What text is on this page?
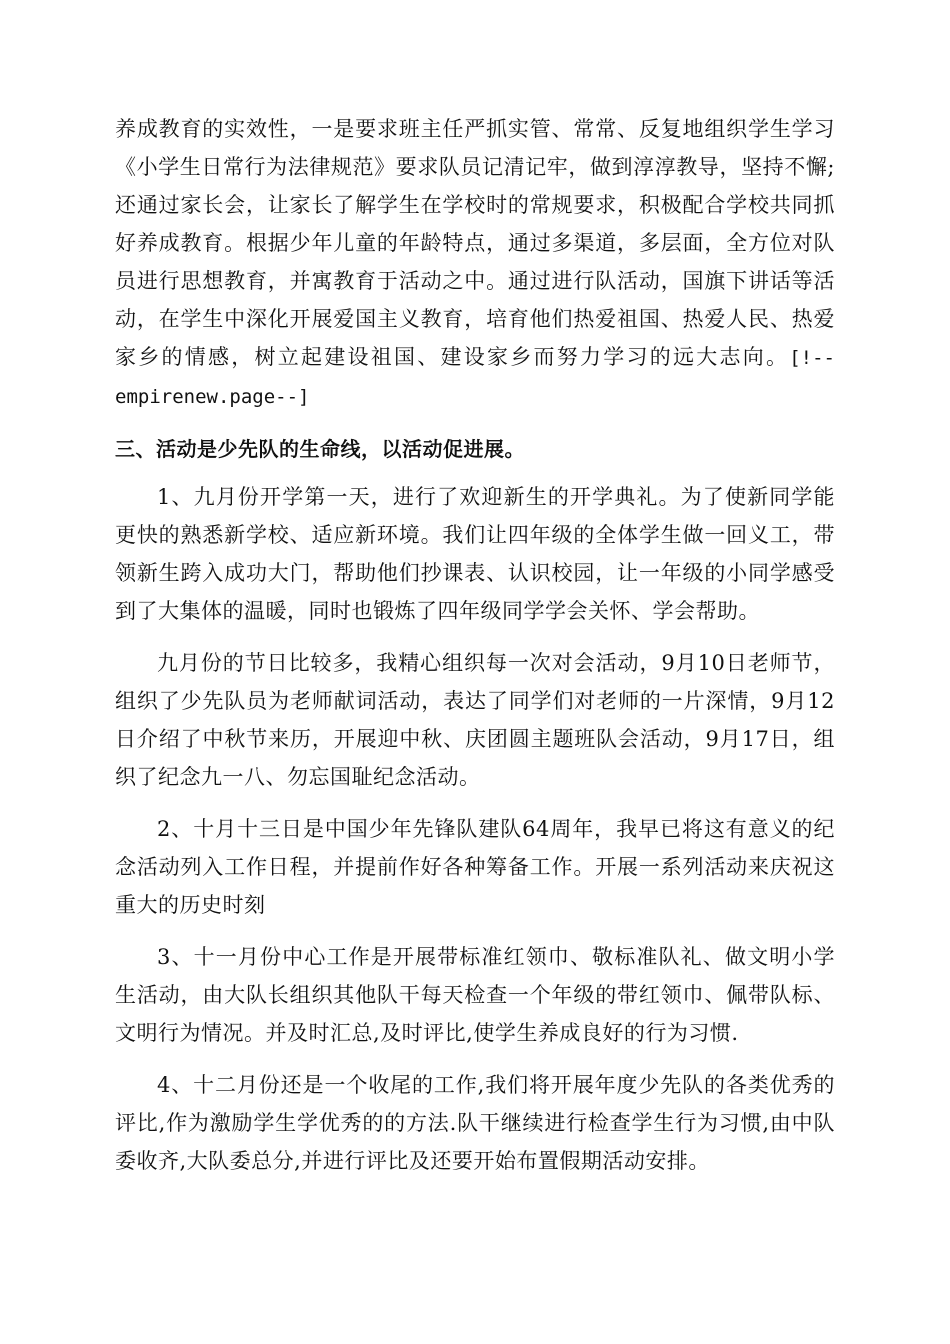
养成教育的实效性，一是要求班主任严抓实管、常常、反复地组织学生学习《小学生日常行为法律规范》要求队员记清记牢，做到淳淳教导，坚持不懈;还通过家长会，让家长了解学生在学校时的常规要求，积极配合学校共同抓好养成教育。根据少年儿童的年龄特点，通过多渠道，多层面，全方位对队员进行思想教育，并寓教育于活动之中。通过进行队活动，国旗下讲话等活动，在学生中深化开展爱国主义教育，培育他们热爱祖国、热爱人民、热爱家乡的情感，树立起建设祖国、建设家乡而努力学习的远大志向。[!--empirenew.page--]

三、活动是少先队的生命线，以活动促进展。

1、九月份开学第一天，进行了欢迎新生的开学典礼。为了使新同学能更快的熟悉新学校、适应新环境。我们让四年级的全体学生做一回义工，带领新生跨入成功大门，帮助他们抄课表、认识校园，让一年级的小同学感受到了大集体的温暖，同时也锻炼了四年级同学学会关怀、学会帮助。

九月份的节日比较多，我精心组织每一次对会活动，9月10日老师节，组织了少先队员为老师献词活动，表达了同学们对老师的一片深情，9月12日介绍了中秋节来历，开展迎中秋、庆团圆主题班队会活动，9月17日，组织了纪念九一八、勿忘国耻纪念活动。

2、十月十三日是中国少年先锋队建队64周年，我早已将这有意义的纪念活动列入工作日程，并提前作好各种筹备工作。开展一系列活动来庆祝这重大的历史时刻

3、十一月份中心工作是开展带标准红领巾、敬标准队礼、做文明小学生活动，由大队长组织其他队干每天检查一个年级的带红领巾、佩带队标、文明行为情况。并及时汇总,及时评比,使学生养成良好的行为习惯.

4、十二月份还是一个收尾的工作,我们将开展年度少先队的各类优秀的评比,作为激励学生学优秀的的方法.队干继续进行检查学生行为习惯,由中队委收齐,大队委总分,并进行评比及还要开始布置假期活动安排。
